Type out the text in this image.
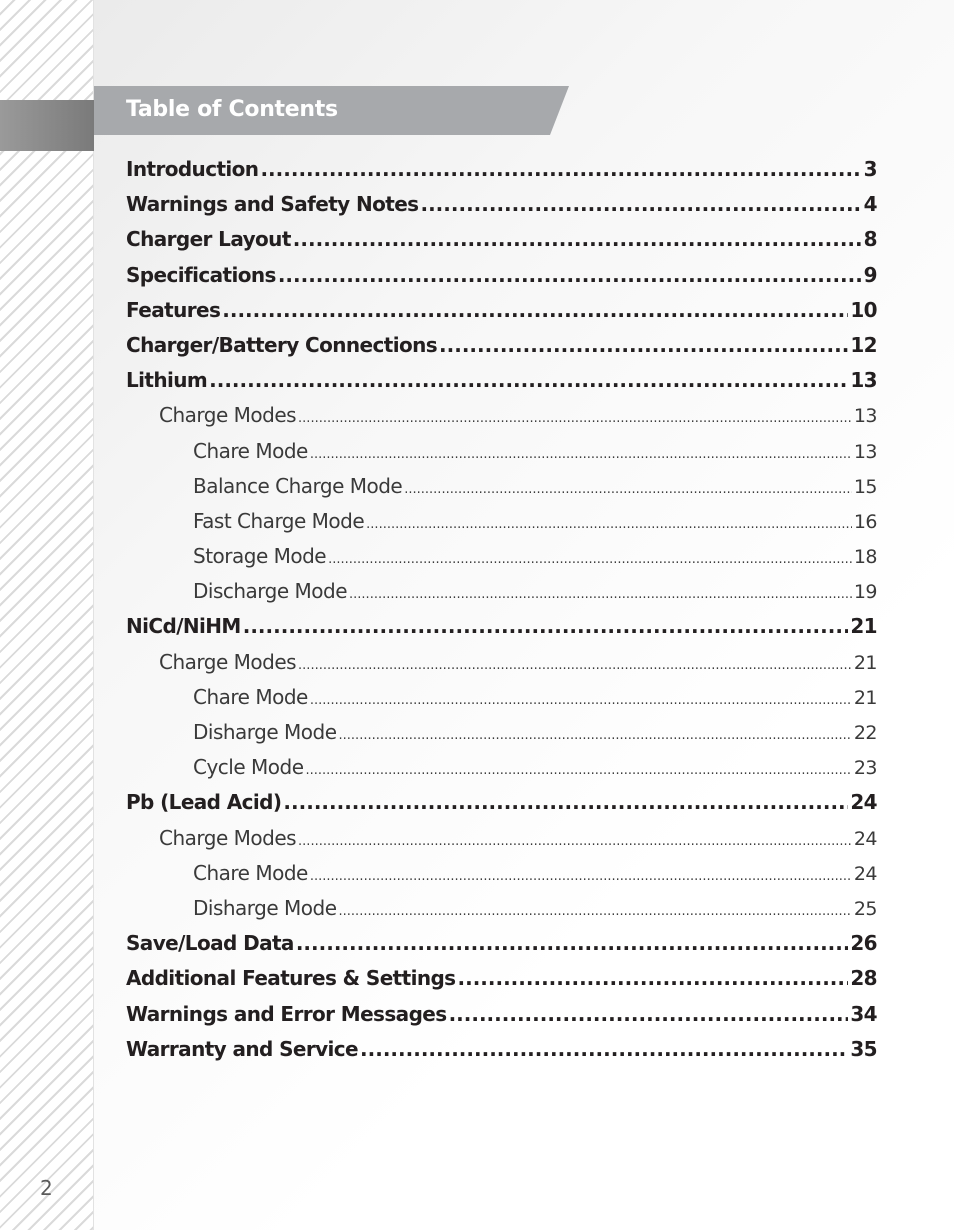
Table of Contents
Introduction .....	3
Warnings and Safety Notes .....	4
Charger Layout .....	8
Specifications .....	9
Features .....	10
Charger/Battery Connections .....	12
Lithium .....	13
Charge Modes .....	13
Chare Mode .....	13
Balance Charge Mode .....	15
Fast Charge Mode .....	16
Storage Mode .....	18
Discharge Mode .....	19
NiCd/NiHM .....	21
Charge Modes .....	21
Chare Mode .....	21
Disharge Mode .....	22
Cycle Mode .....	23
Pb (Lead Acid) .....	24
Charge Modes .....	24
Chare Mode .....	24
Disharge Mode .....	25
Save/Load Data .....	26
Additional Features & Settings .....	28
Warnings and Error Messages .....	34
Warranty and Service .....	35
2
